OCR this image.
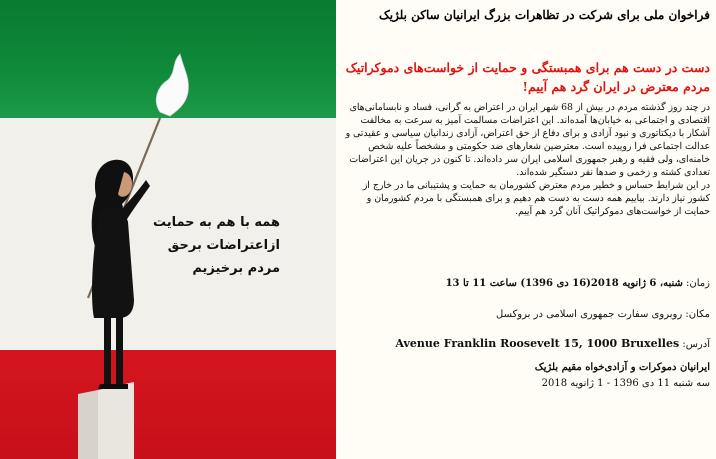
همه با هم به حمایت
ازاعتراضات برحق
مردم برخیزیم
فراخوان ملی برای شرکت در تظاهرات بزرگ ایرانیان ساکن بلژیک
دست در دست هم برای همبستگی و حمایت از خواست‌های دموکراتیک مردم معترض در ایران گرد هم آییم!
در چند روز گذشته مردم در بیش از 68 شهر ایران در اعتراض به گرانی، فساد و نابسامانی‌های اقتصادی و اجتماعی به خیابان‌ها آمده‌اند. این اعتراضات مسالمت آمیز به سرعت به مخالفت آشکار با دیکتاتوری و نبود آزادی و برای دفاع از حق اعتراض، آزادی زندانیان سیاسی و عقیدتی و عدالت اجتماعی فرا روییده است. معترضین شعارهای ضد حکومتی و مشخصاً علیه شخص خامنه‌ای، ولی فقیه و رهبر جمهوری اسلامی ایران سر داده‌اند. تا کنون در جریان این اعتراضات تعدادی کشته و زخمی و صدها نفر دستگیر شده‌اند.
در این شرایط حساس و خطیر مردم معترض کشورمان به حمایت و پشتیبانی ما در خارج از کشور نیاز دارند. بیاییم همه دست به دست هم دهیم و برای همبستگی با مردم کشورمان و حمایت از خواست‌های دموکراتیک آنان گرد هم آییم.
زمان: شنبه، 6 ژانویه 2018(16 دی 1396) ساعت 11 تا 13
مکان: روبروی سفارت جمهوری اسلامی در بروکسل
آدرس: Avenue Franklin Roosevelt 15, 1000 Bruxelles
ایرانیان دموکرات و آزادی‌خواه مقیم بلژیک
سه شنبه 11 دی 1396 - 1 ژانویه 2018
